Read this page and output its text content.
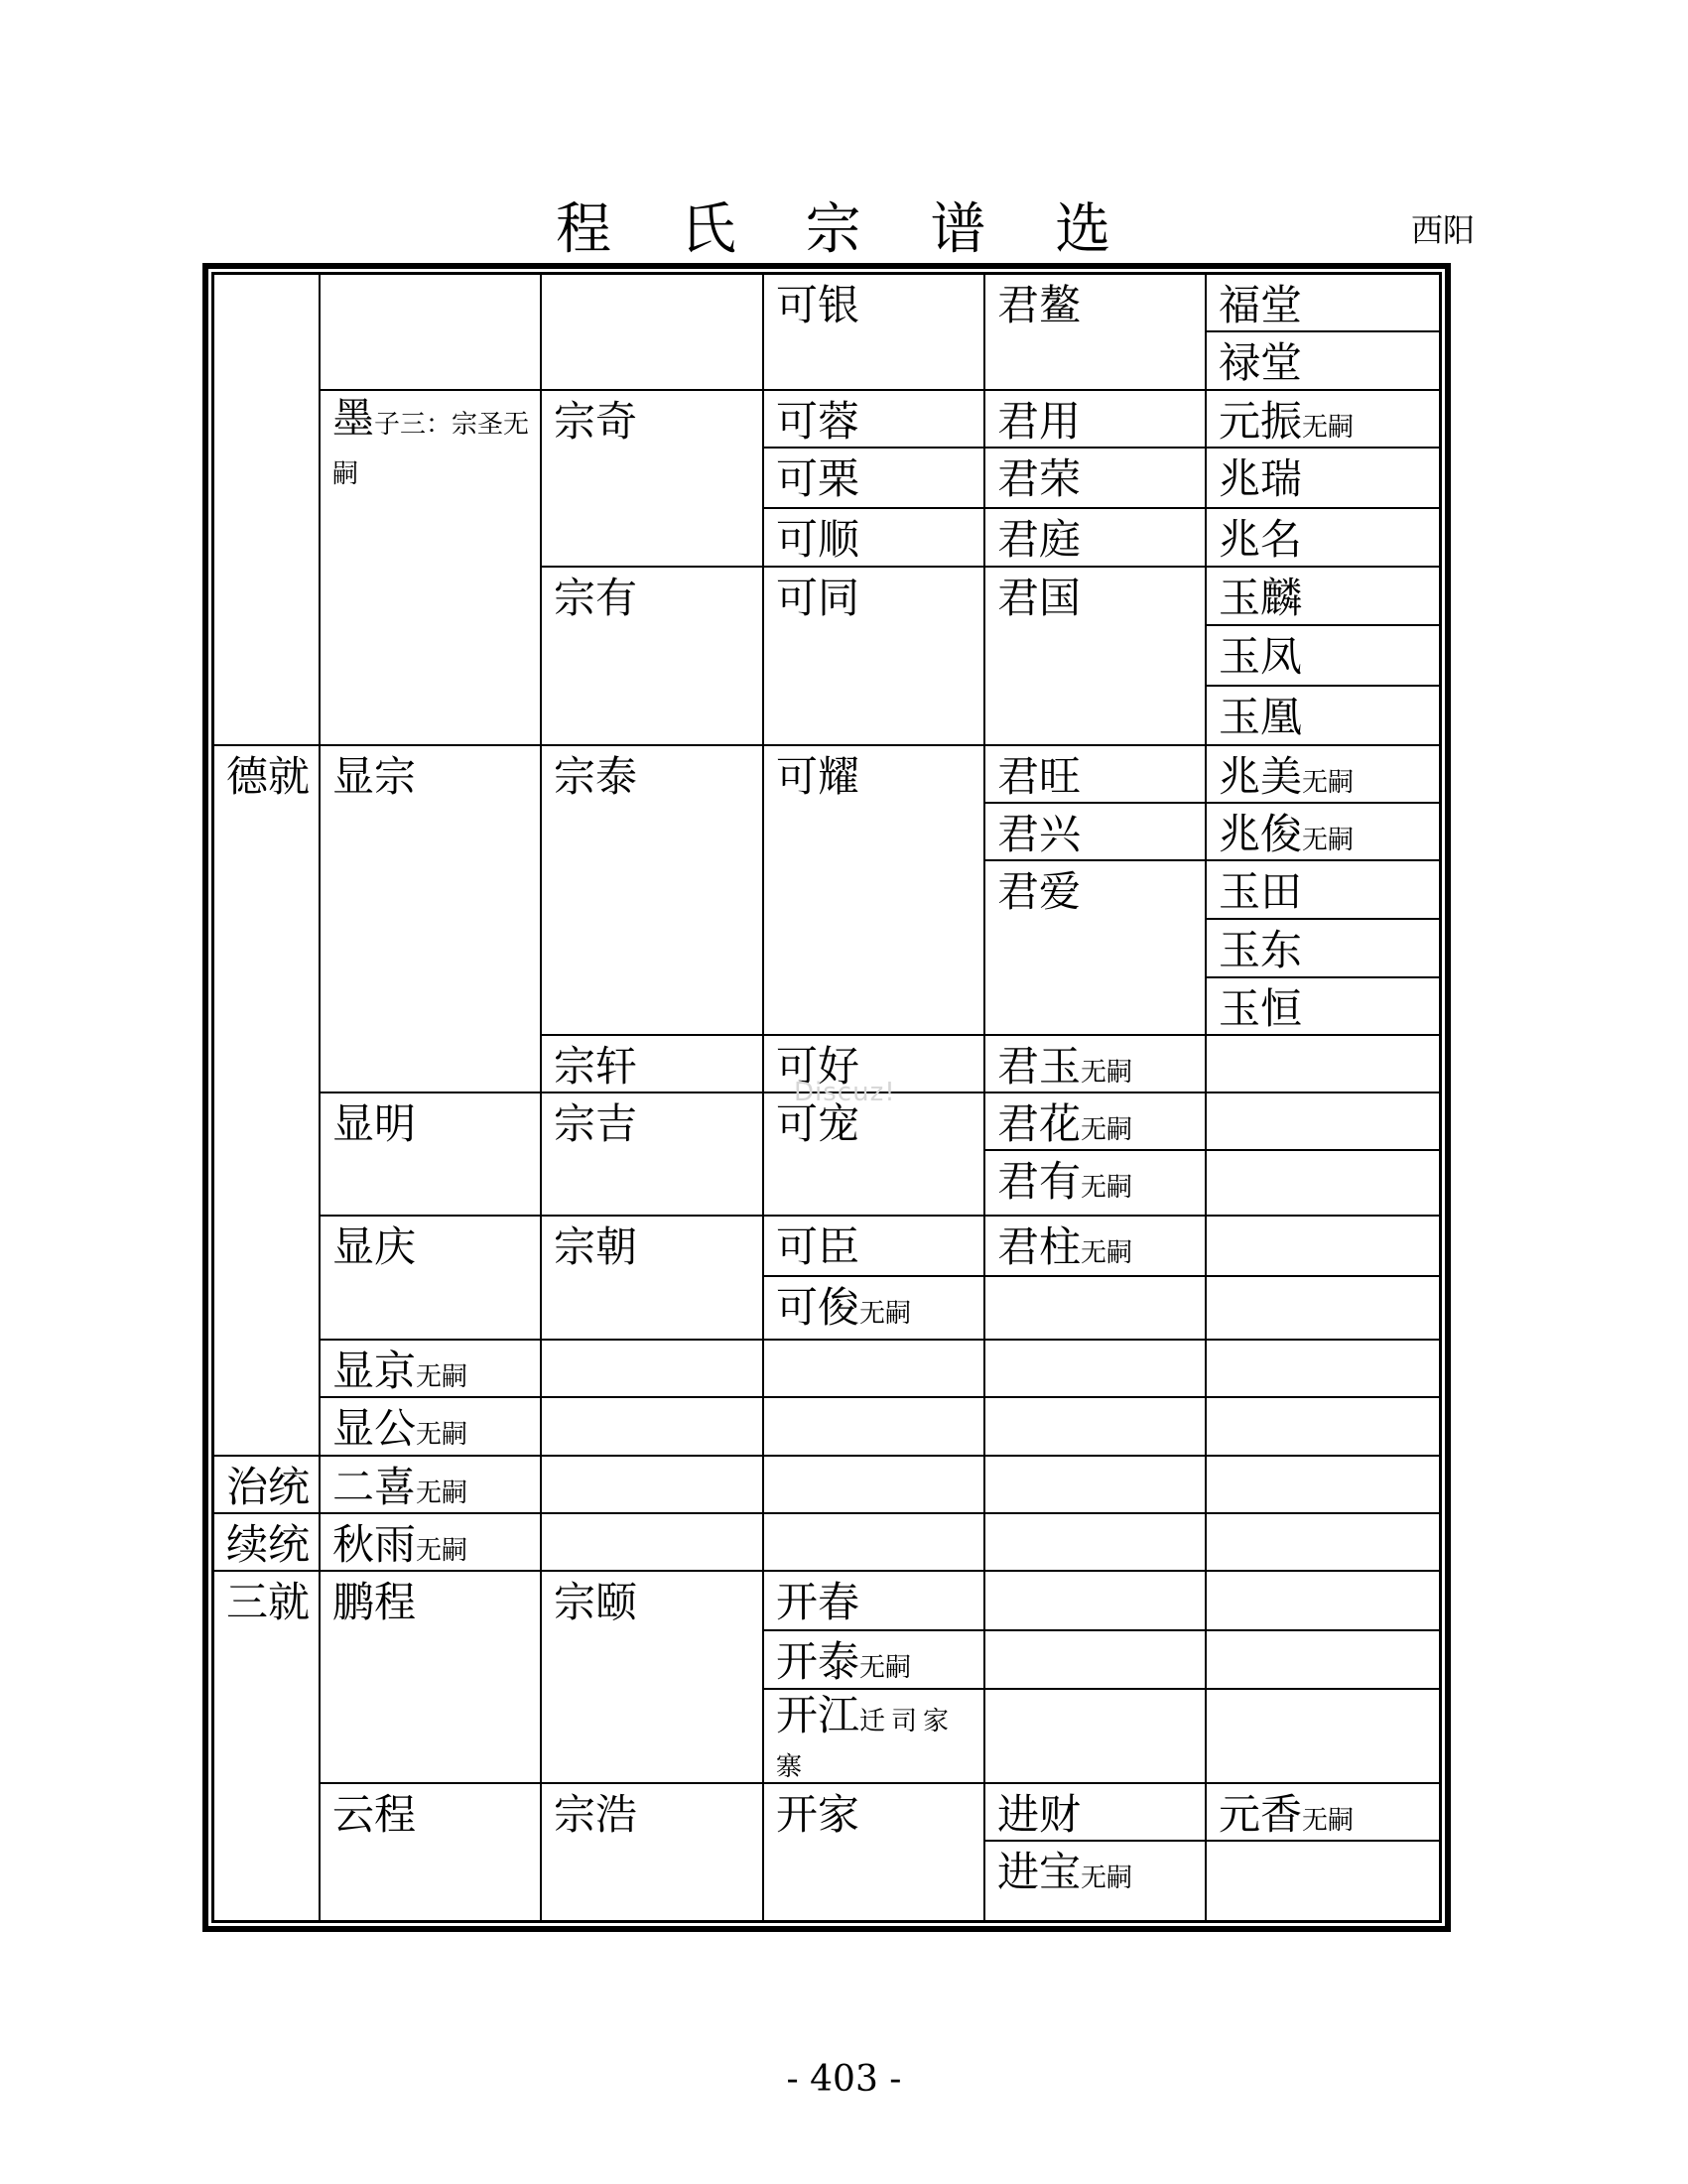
程 氏 宗 谱 选	西阳
德就
治统
续统
三就
墨子三：宗圣无嗣
显宗
显明
显庆
显京无嗣
显公无嗣
二喜无嗣
秋雨无嗣
鹏程
云程
宗奇
宗有
宗泰
宗轩
宗吉
宗朝
宗颐
宗浩
可银
可蓉
可栗
可顺
可同
可耀
可好
可宠
可臣
可俊无嗣
开春
开泰无嗣
开江迁司家寨
开家
君鳌
君用
君荣
君庭
君国
君旺
君兴
君爱
君玉无嗣
君花无嗣
君有无嗣
君柱无嗣
进财
进宝无嗣
福堂
禄堂
元振无嗣
兆瑞
兆名
玉麟
玉凤
玉凰
兆美无嗣
兆俊无嗣
玉田
玉东
玉恒
元香无嗣
Discuz!
- 403 -
